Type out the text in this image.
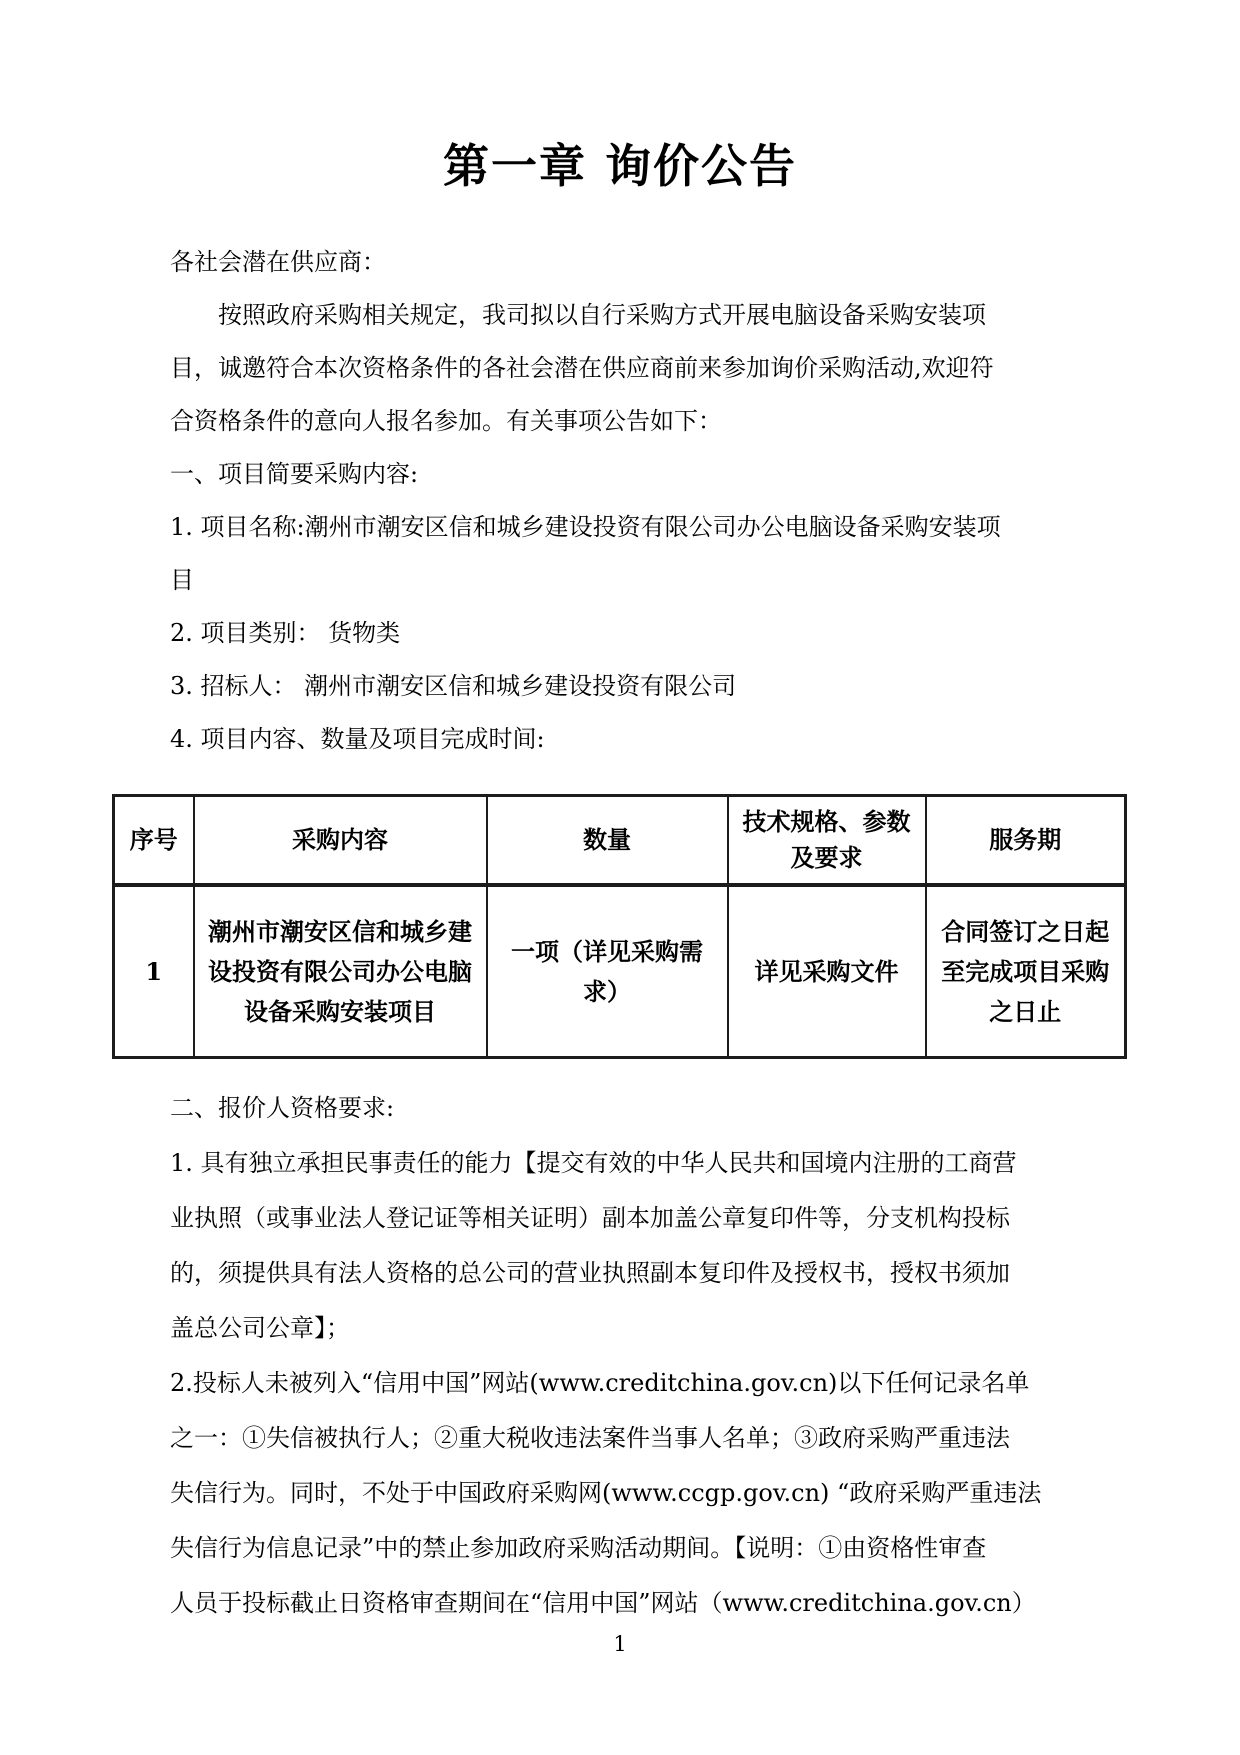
第一章 询价公告
各社会潜在供应商：
按照政府采购相关规定，我司拟以自行采购方式开展电脑设备采购安装项
目，诚邀符合本次资格条件的各社会潜在供应商前来参加询价采购活动,欢迎符
合资格条件的意向人报名参加。有关事项公告如下：
一、项目简要采购内容:
1. 项目名称:潮州市潮安区信和城乡建设投资有限公司办公电脑设备采购安装项
目
2. 项目类别： 货物类
3. 招标人： 潮州市潮安区信和城乡建设投资有限公司
4. 项目内容、数量及项目完成时间:
序号	采购内容	数量	技术规格、参数及要求	服务期
1	潮州市潮安区信和城乡建设投资有限公司办公电脑设备采购安装项目	一项（详见采购需求）	详见采购文件	合同签订之日起至完成项目采购之日止
二、报价人资格要求:
1. 具有独立承担民事责任的能力【提交有效的中华人民共和国境内注册的工商营
业执照（或事业法人登记证等相关证明）副本加盖公章复印件等，分支机构投标
的，须提供具有法人资格的总公司的营业执照副本复印件及授权书，授权书须加
盖总公司公章】；
2.投标人未被列入“信用中国”网站(www.creditchina.gov.cn)以下任何记录名单
之一：①失信被执行人；②重大税收违法案件当事人名单；③政府采购严重违法
失信行为。同时，不处于中国政府采购网(www.ccgp.gov.cn) “政府采购严重违法
失信行为信息记录”中的禁止参加政府采购活动期间。【说明：①由资格性审查
人员于投标截止日资格审查期间在“信用中国”网站（www.creditchina.gov.cn）
1
